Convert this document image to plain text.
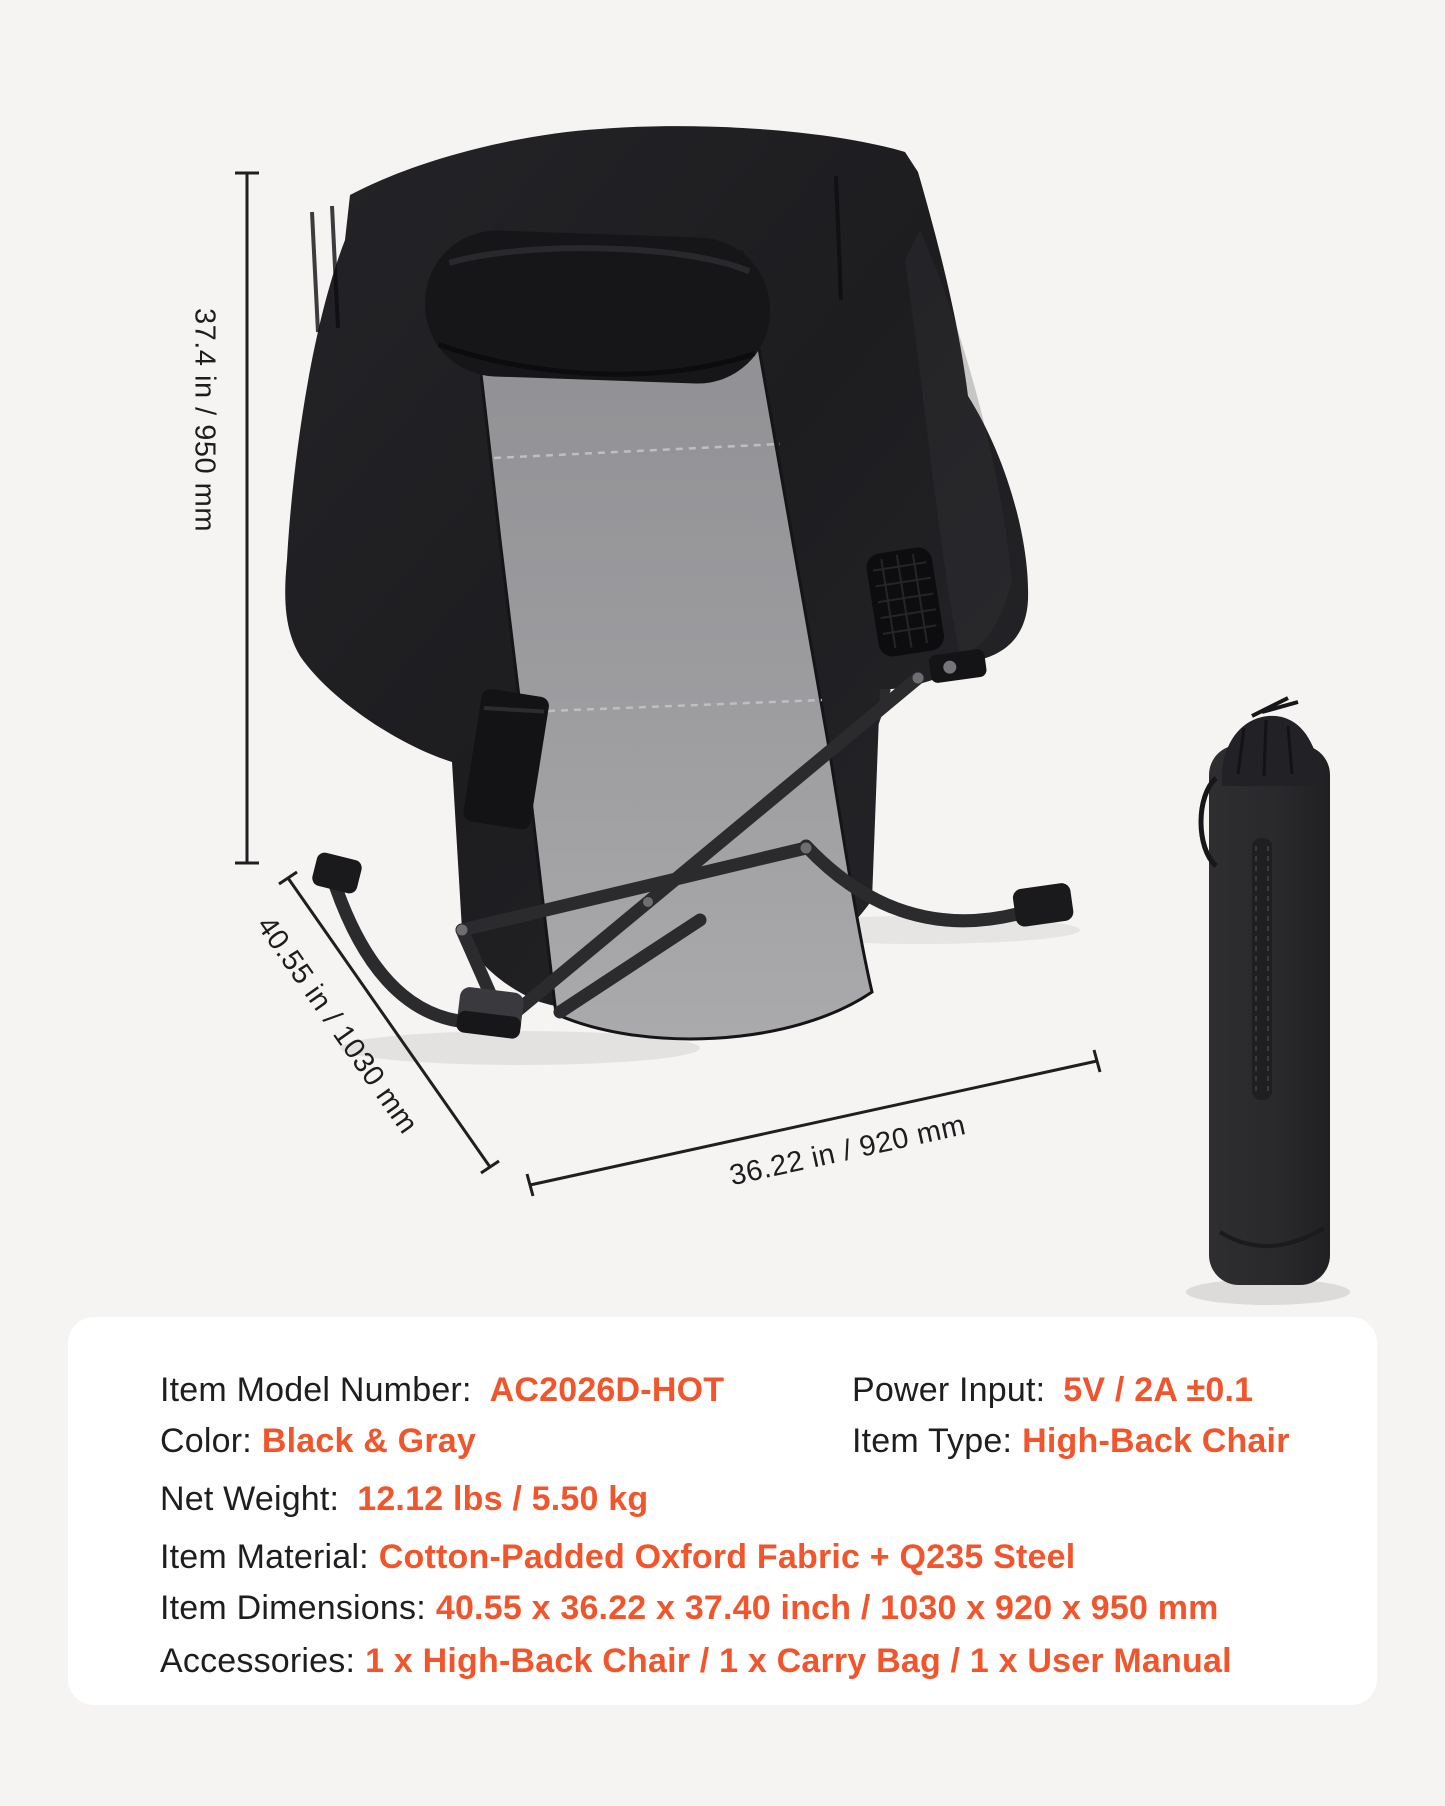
37.4 in / 950 mm
40.55 in / 1030 mm
36.22 in / 920 mm
Item Model Number: AC2026D-HOT	Power Input: 5V / 2A ±0.1
Color: Black & Gray	Item Type: High-Back Chair
Net Weight: 12.12 lbs / 5.50 kg
Item Material: Cotton-Padded Oxford Fabric + Q235 Steel
Item Dimensions: 40.55 x 36.22 x 37.40 inch / 1030 x 920 x 950 mm
Accessories: 1 x High-Back Chair / 1 x Carry Bag / 1 x User Manual
